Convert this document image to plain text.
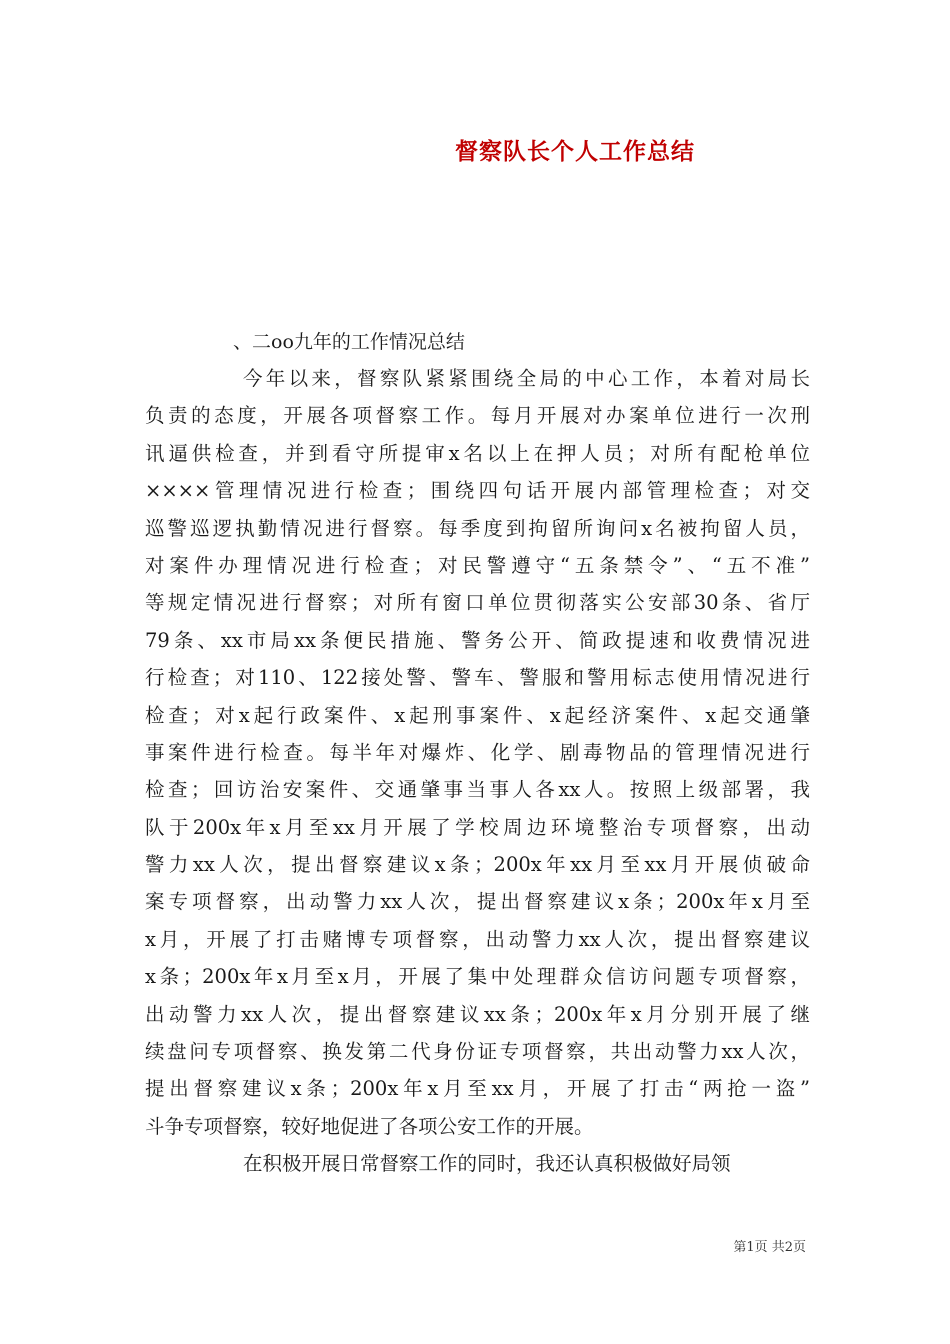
督察队长个人工作总结
、二oo九年的工作情况总结
今年以来，督察队紧紧围绕全局的中心工作，本着对局长
负责的态度，开展各项督察工作。每月开展对办案单位进行一次刑
讯逼供检查，并到看守所提审x名以上在押人员；对所有配枪单位
××××管理情况进行检查；围绕四句话开展内部管理检查；对交
巡警巡逻执勤情况进行督察。每季度到拘留所询问x名被拘留人员，
对案件办理情况进行检查；对民警遵守“五条禁令”、“五不准”
等规定情况进行督察；对所有窗口单位贯彻落实公安部30条、省厅
79条、xx市局xx条便民措施、警务公开、简政提速和收费情况进
行检查；对110、122接处警、警车、警服和警用标志使用情况进行
检查；对x起行政案件、x起刑事案件、x起经济案件、x起交通肇
事案件进行检查。每半年对爆炸、化学、剧毒物品的管理情况进行
检查；回访治安案件、交通肇事当事人各xx人。按照上级部署，我
队于200x年x月至xx月开展了学校周边环境整治专项督察，出动
警力xx人次，提出督察建议x条；200x年xx月至xx月开展侦破命
案专项督察，出动警力xx人次，提出督察建议x条；200x年x月至
x月，开展了打击赌博专项督察，出动警力xx人次，提出督察建议
x条；200x年x月至x月，开展了集中处理群众信访问题专项督察，
出动警力xx人次，提出督察建议xx条；200x年x月分别开展了继
续盘问专项督察、换发第二代身份证专项督察，共出动警力xx人次，
提出督察建议x条；200x年x月至xx月，开展了打击“两抢一盗”
斗争专项督察，较好地促进了各项公安工作的开展。
在积极开展日常督察工作的同时，我还认真积极做好局领
第1页 共2页
